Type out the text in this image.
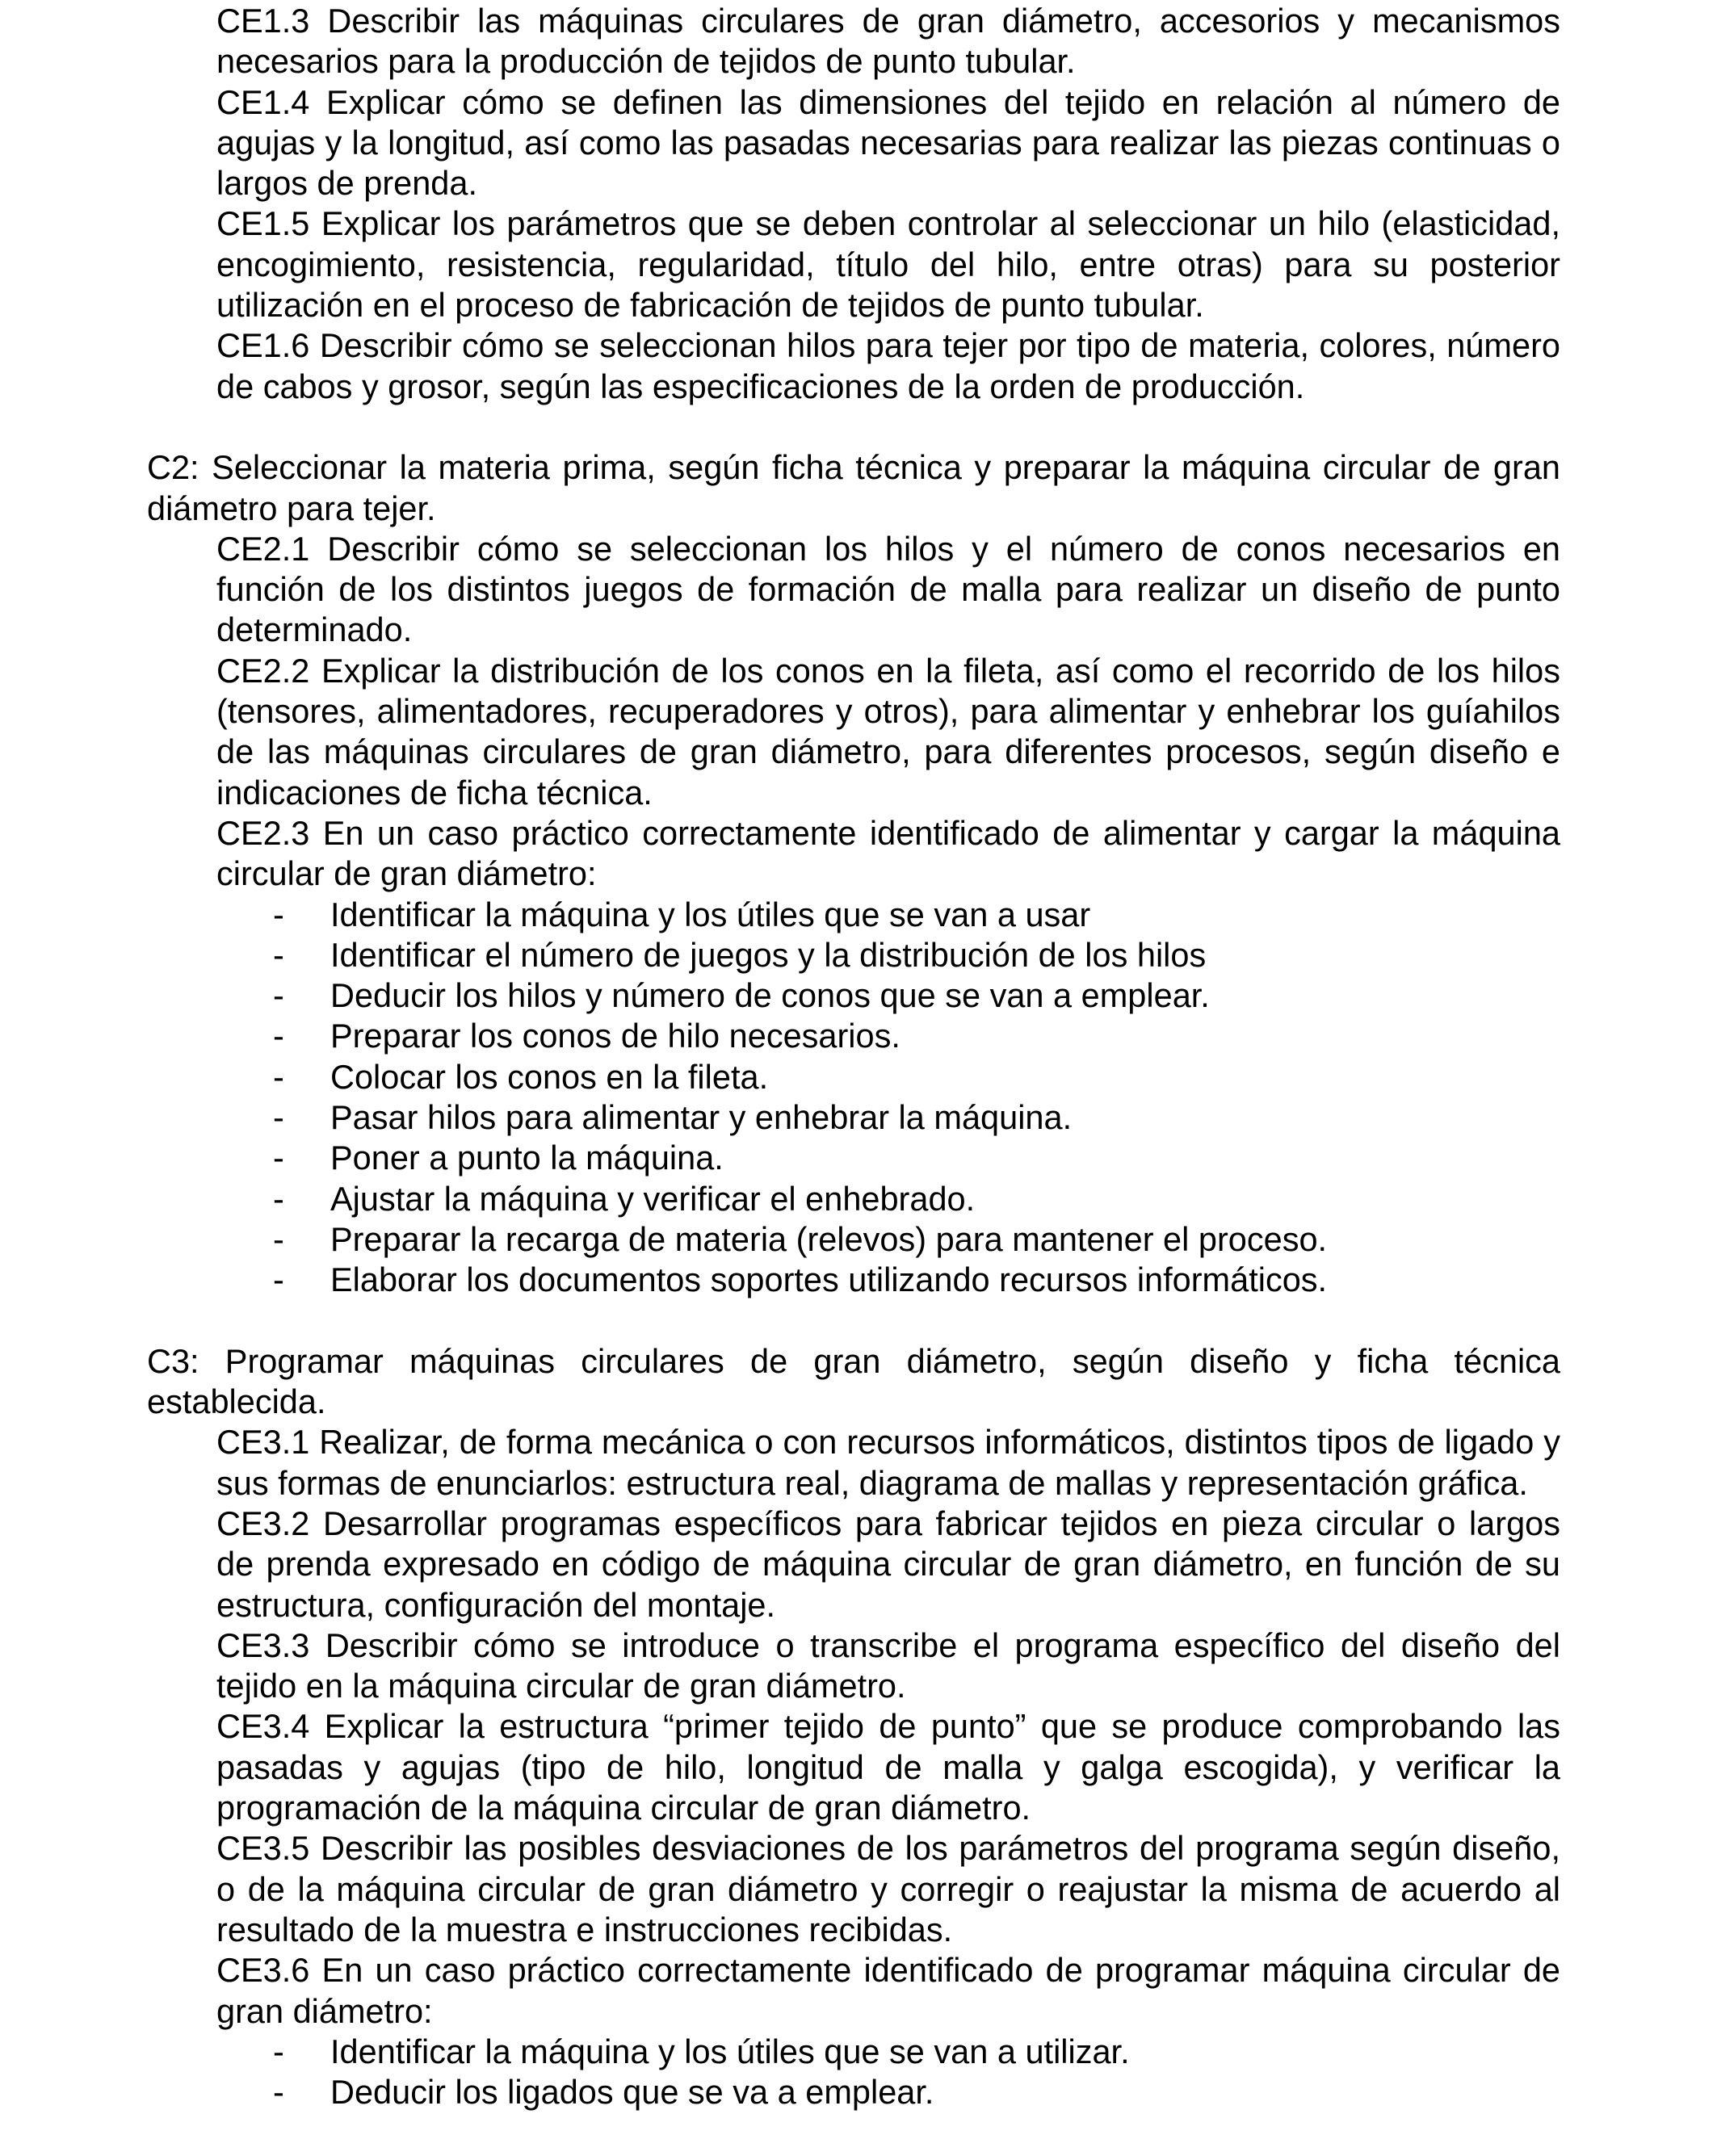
CE1.3 Describir las máquinas circulares de gran diámetro, accesorios y mecanismos necesarios para la producción de tejidos de punto tubular.

CE1.4 Explicar cómo se definen las dimensiones del tejido en relación al número de agujas y la longitud, así como las pasadas necesarias para realizar las piezas continuas o largos de prenda.

CE1.5 Explicar los parámetros que se deben controlar al seleccionar un hilo (elasticidad, encogimiento, resistencia, regularidad, título del hilo, entre otras) para su posterior utilización en el proceso de fabricación de tejidos de punto tubular.

CE1.6 Describir cómo se seleccionan hilos para tejer por tipo de materia, colores, número de cabos y grosor, según las especificaciones de la orden de producción.

C2: Seleccionar la materia prima, según ficha técnica y preparar la máquina circular de gran diámetro para tejer.

CE2.1 Describir cómo se seleccionan los hilos y el número de conos necesarios en función de los distintos juegos de formación de malla para realizar un diseño de punto determinado.

CE2.2 Explicar la distribución de los conos en la fileta, así como el recorrido de los hilos (tensores, alimentadores, recuperadores y otros), para alimentar y enhebrar los guíahilos de las máquinas circulares de gran diámetro, para diferentes procesos, según diseño e indicaciones de ficha técnica.

CE2.3 En un caso práctico correctamente identificado de alimentar y cargar la máquina circular de gran diámetro:

- Identificar la máquina y los útiles que se van a usar
- Identificar el número de juegos y la distribución de los hilos
- Deducir los hilos y número de conos que se van a emplear.
- Preparar los conos de hilo necesarios.
- Colocar los conos en la fileta.
- Pasar hilos para alimentar y enhebrar la máquina.
- Poner a punto la máquina.
- Ajustar la máquina y verificar el enhebrado.
- Preparar la recarga de materia (relevos) para mantener el proceso.
- Elaborar los documentos soportes utilizando recursos informáticos.

C3: Programar máquinas circulares de gran diámetro, según diseño y ficha técnica establecida.

CE3.1 Realizar, de forma mecánica o con recursos informáticos, distintos tipos de ligado y sus formas de enunciarlos: estructura real, diagrama de mallas y representación gráfica.

CE3.2 Desarrollar programas específicos para fabricar tejidos en pieza circular o largos de prenda expresado en código de máquina circular de gran diámetro, en función de su estructura, configuración del montaje.

CE3.3 Describir cómo se introduce o transcribe el programa específico del diseño del tejido en la máquina circular de gran diámetro.

CE3.4 Explicar la estructura “primer tejido de punto” que se produce comprobando las pasadas y agujas (tipo de hilo, longitud de malla y galga escogida), y verificar la programación de la máquina circular de gran diámetro.

CE3.5 Describir las posibles desviaciones de los parámetros del programa según diseño, o de la máquina circular de gran diámetro y corregir o reajustar la misma de acuerdo al resultado de la muestra e instrucciones recibidas.

CE3.6 En un caso práctico correctamente identificado de programar máquina circular de gran diámetro:

- Identificar la máquina y los útiles que se van a utilizar.
- Deducir los ligados que se va a emplear.
